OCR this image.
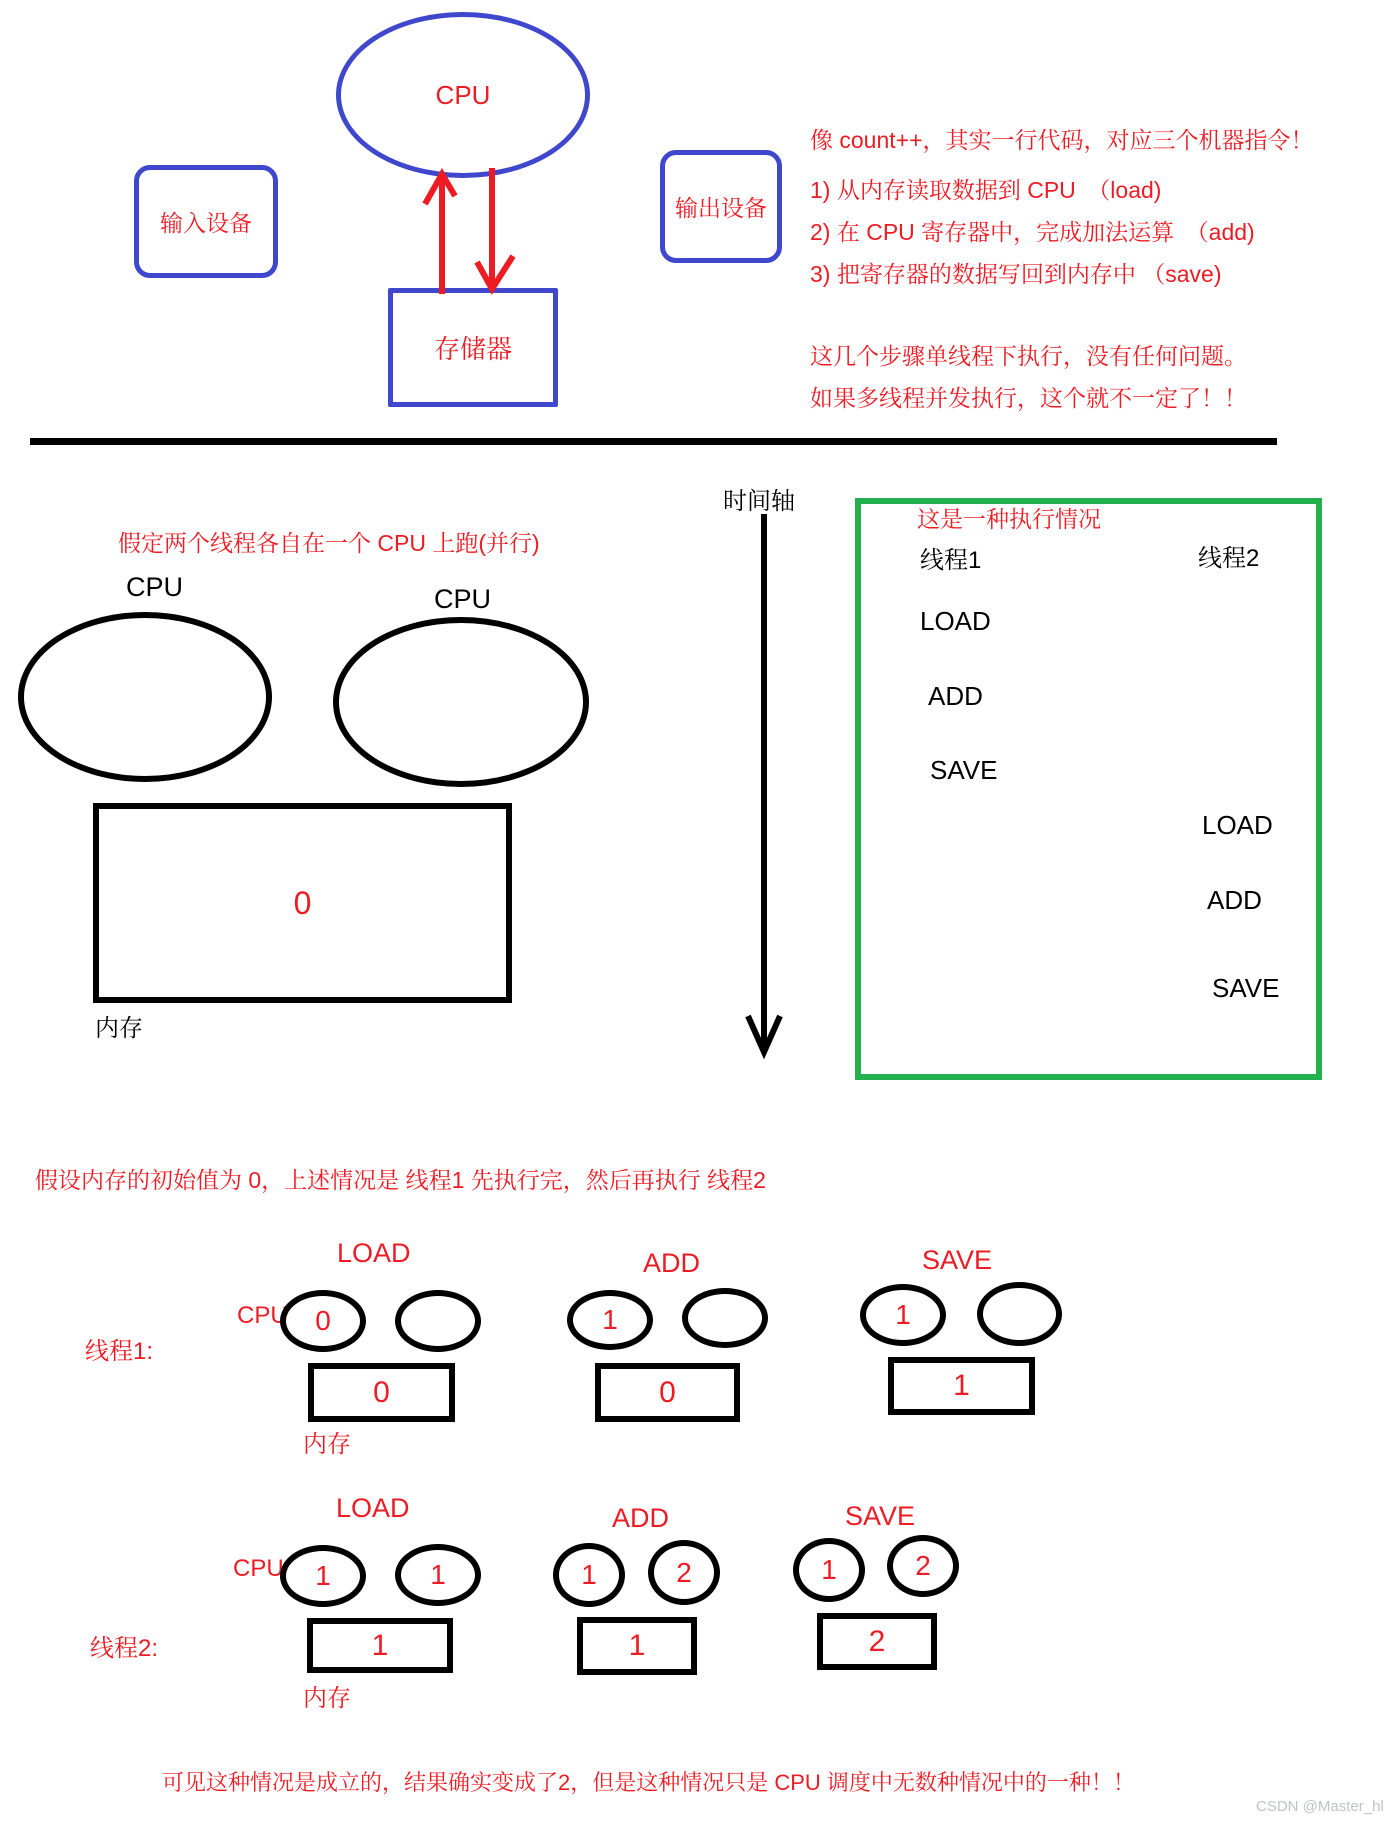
CPU
输入设备
输出设备
存储器
像 count++，其实一行代码，对应三个机器指令！
1) 从内存读取数据到 CPU　（load)
2) 在 CPU 寄存器中，完成加法运算　（add)
3) 把寄存器的数据写回到内存中 （save)
这几个步骤单线程下执行，没有任何问题。
如果多线程并发执行，这个就不一定了！！
假定两个线程各自在一个 CPU 上跑(并行)
CPU	CPU
0
内存
时间轴
这是一种执行情况
线程1	线程2
LOAD
ADD
SAVE
LOAD
ADD
SAVE
假设内存的初始值为 0，上述情况是 线程1 先执行完，然后再执行 线程2
线程1:
CPU
LOAD
0
0
内存
ADD
1
0
SAVE
1
1
线程2:
CPU
LOAD
1	1
1
内存
ADD
1	2
1
SAVE
1	2
2
可见这种情况是成立的，结果确实变成了2，但是这种情况只是 CPU 调度中无数种情况中的一种！！
CSDN @Master_hl
